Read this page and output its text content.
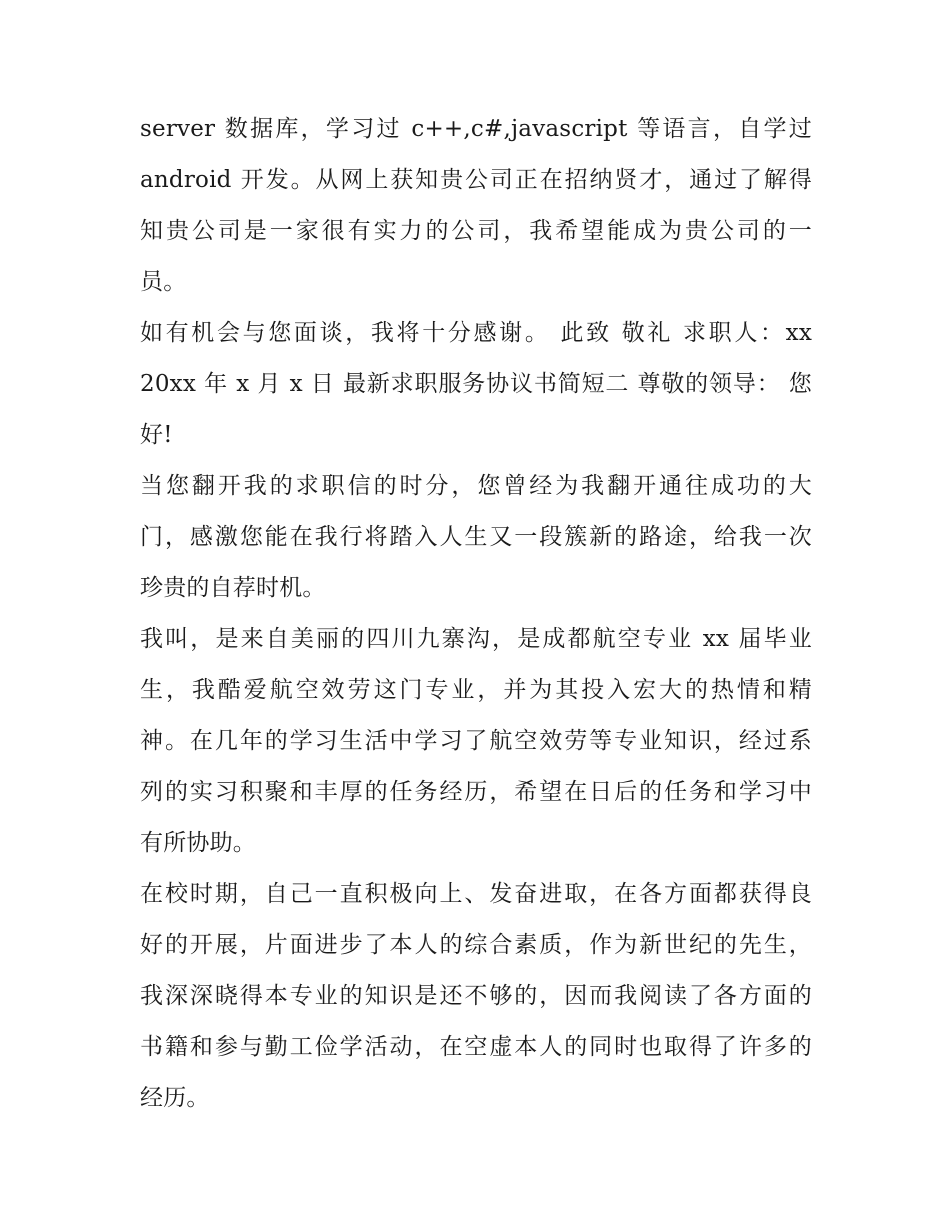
server 数据库，学习过 c++,c#,javascript 等语言，自学过
android 开发。从网上获知贵公司正在招纳贤才，通过了解得
知贵公司是一家很有实力的公司，我希望能成为贵公司的一
员。
如有机会与您面谈，我将十分感谢。 此致 敬礼 求职人：xx
20xx 年 x 月 x 日 最新求职服务协议书简短二 尊敬的领导： 您
好!
当您翻开我的求职信的时分，您曾经为我翻开通往成功的大
门，感激您能在我行将踏入人生又一段簇新的路途，给我一次
珍贵的自荐时机。
我叫，是来自美丽的四川九寨沟，是成都航空专业 xx 届毕业
生，我酷爱航空效劳这门专业，并为其投入宏大的热情和精
神。在几年的学习生活中学习了航空效劳等专业知识，经过系
列的实习积聚和丰厚的任务经历，希望在日后的任务和学习中
有所协助。
在校时期，自己一直积极向上、发奋进取，在各方面都获得良
好的开展，片面进步了本人的综合素质，作为新世纪的先生，
我深深晓得本专业的知识是还不够的，因而我阅读了各方面的
书籍和参与勤工俭学活动，在空虚本人的同时也取得了许多的
经历。
